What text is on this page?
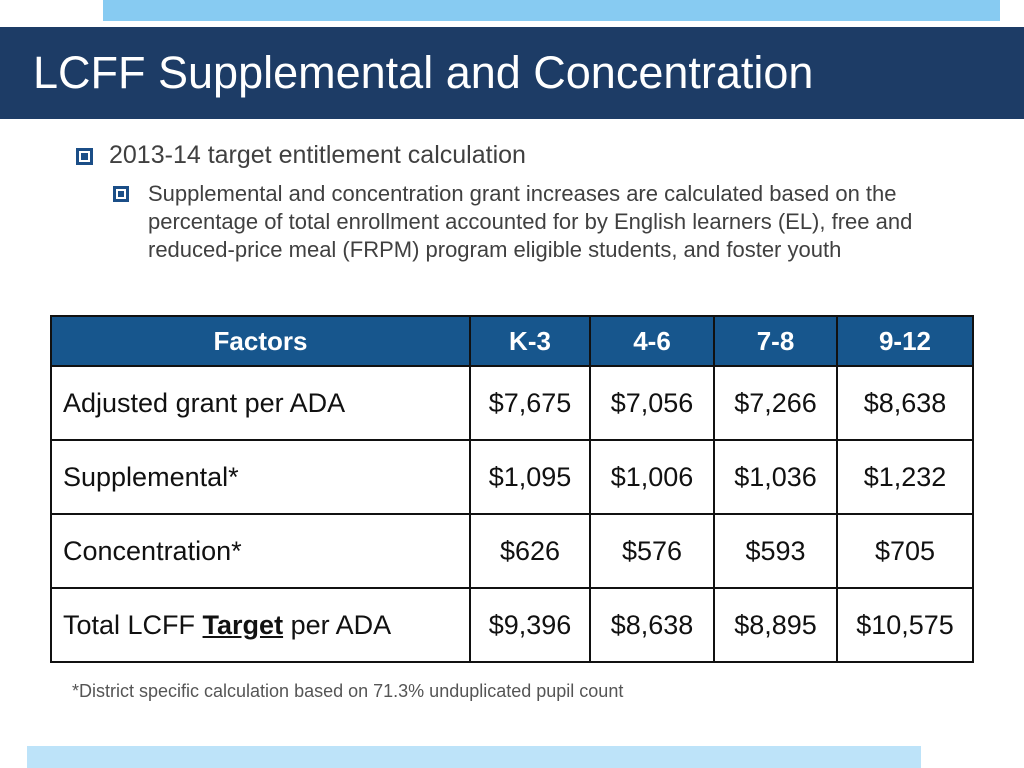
LCFF Supplemental and Concentration
2013-14 target entitlement calculation
Supplemental and concentration grant increases are calculated based on the percentage of total enrollment accounted for by English learners (EL), free and reduced-price meal (FRPM) program eligible students, and foster youth
Factors	K-3	4-6	7-8	9-12
Adjusted grant per ADA	$7,675	$7,056	$7,266	$8,638
Supplemental*	$1,095	$1,006	$1,036	$1,232
Concentration*	$626	$576	$593	$705
Total LCFF Target per ADA	$9,396	$8,638	$8,895	$10,575

*District specific calculation based on 71.3% unduplicated pupil count
